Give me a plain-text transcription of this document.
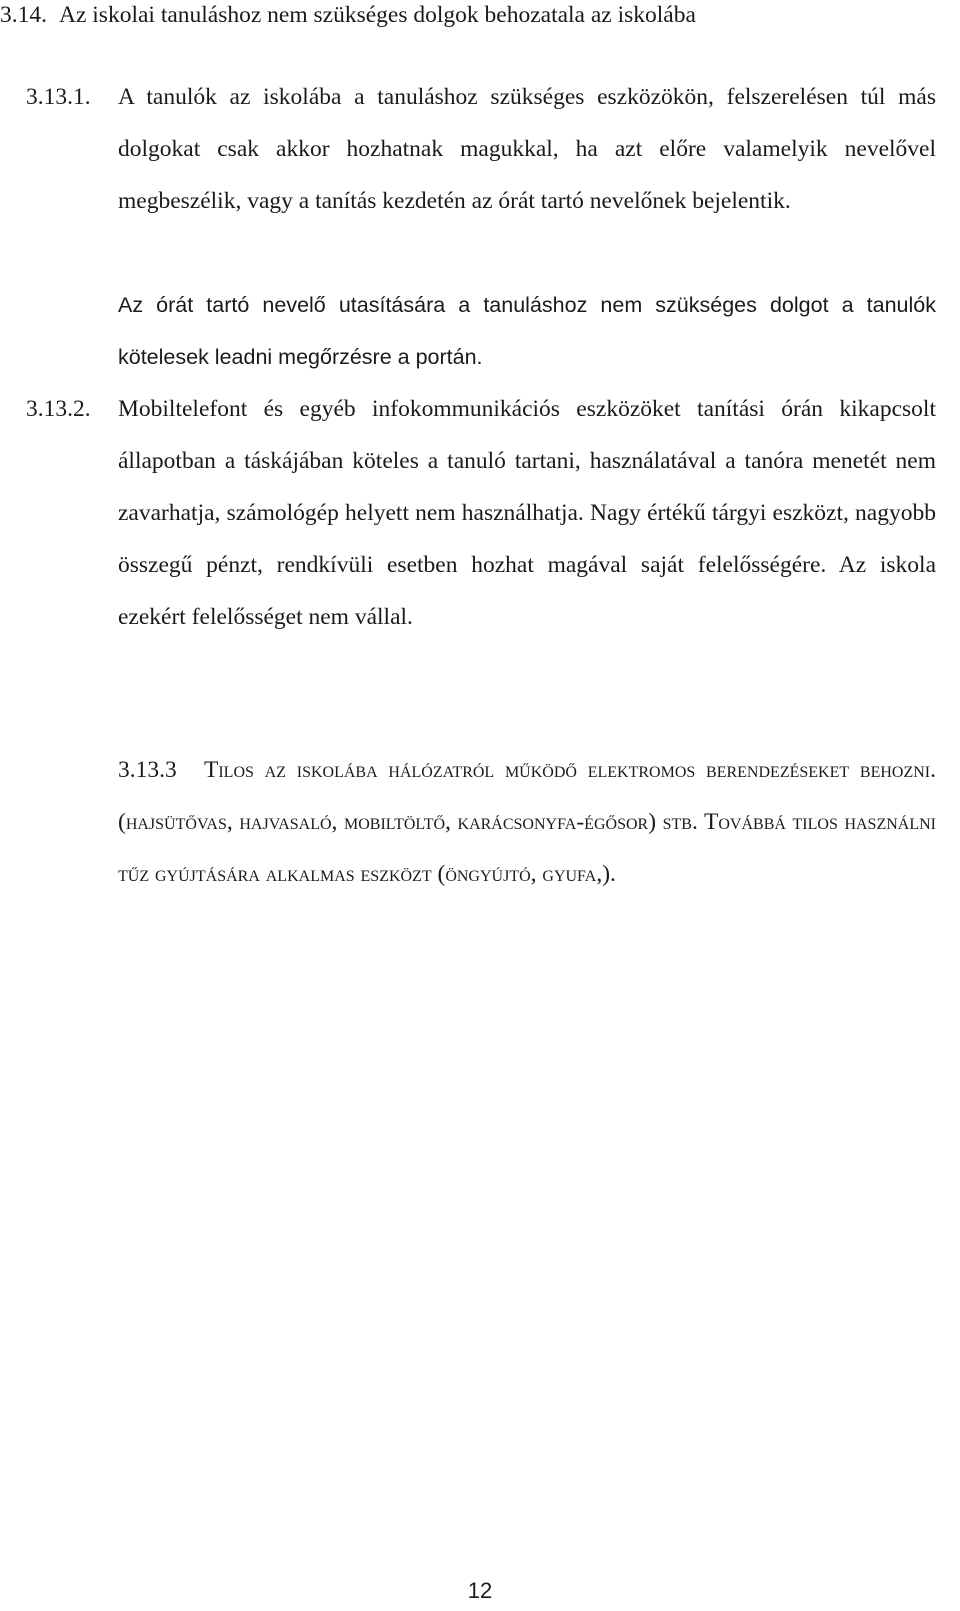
3.14. Az iskolai tanuláshoz nem szükséges dolgok behozatala az iskolába
3.13.1. A tanulók az iskolába a tanuláshoz szükséges eszközökön, felszerelésen túl más dolgokat csak akkor hozhatnak magukkal, ha azt előre valamelyik nevelővel megbeszélik, vagy a tanítás kezdetén az órát tartó nevelőnek bejelentik.

Az órát tartó nevelő utasítására a tanuláshoz nem szükséges dolgot a tanulók kötelesek leadni megőrzésre a portán.

3.13.2. Mobiltelefont és egyéb infokommunikációs eszközöket tanítási órán kikapcsolt állapotban a táskájában köteles a tanuló tartani, használatával a tanóra menetét nem zavarhatja, számológép helyett nem használhatja. Nagy értékű tárgyi eszközt, nagyobb összegű pénzt, rendkívüli esetben hozhat magával saját felelősségére. Az iskola ezekért felelősséget nem vállal.

3.13.3	Tilos az iskolába hálózatról működő elektromos berendezéseket behozni. (hajsütővas, hajvasaló, mobiltöltő, karácsonyfa-égősor) stb. Továbbá tilos használni tűz gyújtására alkalmas eszközt (öngyújtó, gyufa,).

12
